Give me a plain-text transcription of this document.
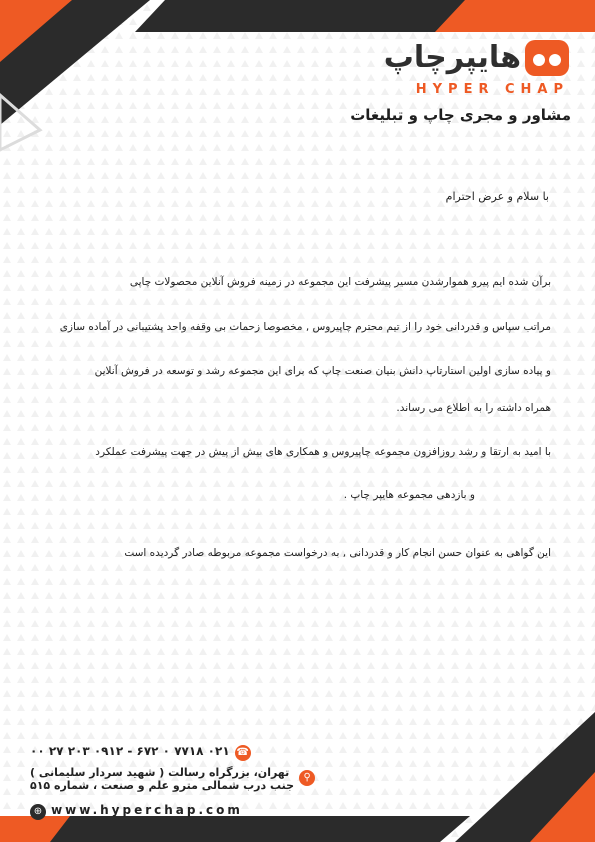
هایپرچاپ
HYPER CHAP
مشاور و مجری چاپ و تبلیغات
با سلام و عرض احترام
برآن شده ایم پیرو هموارشدن مسیر پیشرفت این مجموعه در زمینه فروش آنلاین محصولات چاپی
مراتب سپاس و قدردانی خود را از تیم محترم چاپیروس , مخصوصا زحمات بی وقفه واحد پشتیبانی در آماده سازی
و پیاده سازی اولین استارتاپ دانش بنیان صنعت چاپ که برای این مجموعه رشد و توسعه در فروش آنلاین
همراه داشته را به اطلاع می رساند.
با امید به ارتقا و رشد روزافزون مجموعه چاپیروس و همکاری های بیش از پیش در جهت پیشرفت عملکرد
و بازدهی مجموعه هایپر چاپ .
این گواهی به عنوان حسن انجام کار و قدردانی , به درخواست مجموعه مربوطه صادر گردیده است
☎ ۰۲۱ ۷۷۱۸ ۰ ۶۷۲ - ۰۹۱۲ ۲۰۳ ۲۷ ۰۰
⚲
تهران، بزرگراه رسالت ( شهید سردار سلیمانی )
جنب درب شمالی مترو علم و صنعت ، شماره ۵۱۵
⊕ www.hyperchap.com
